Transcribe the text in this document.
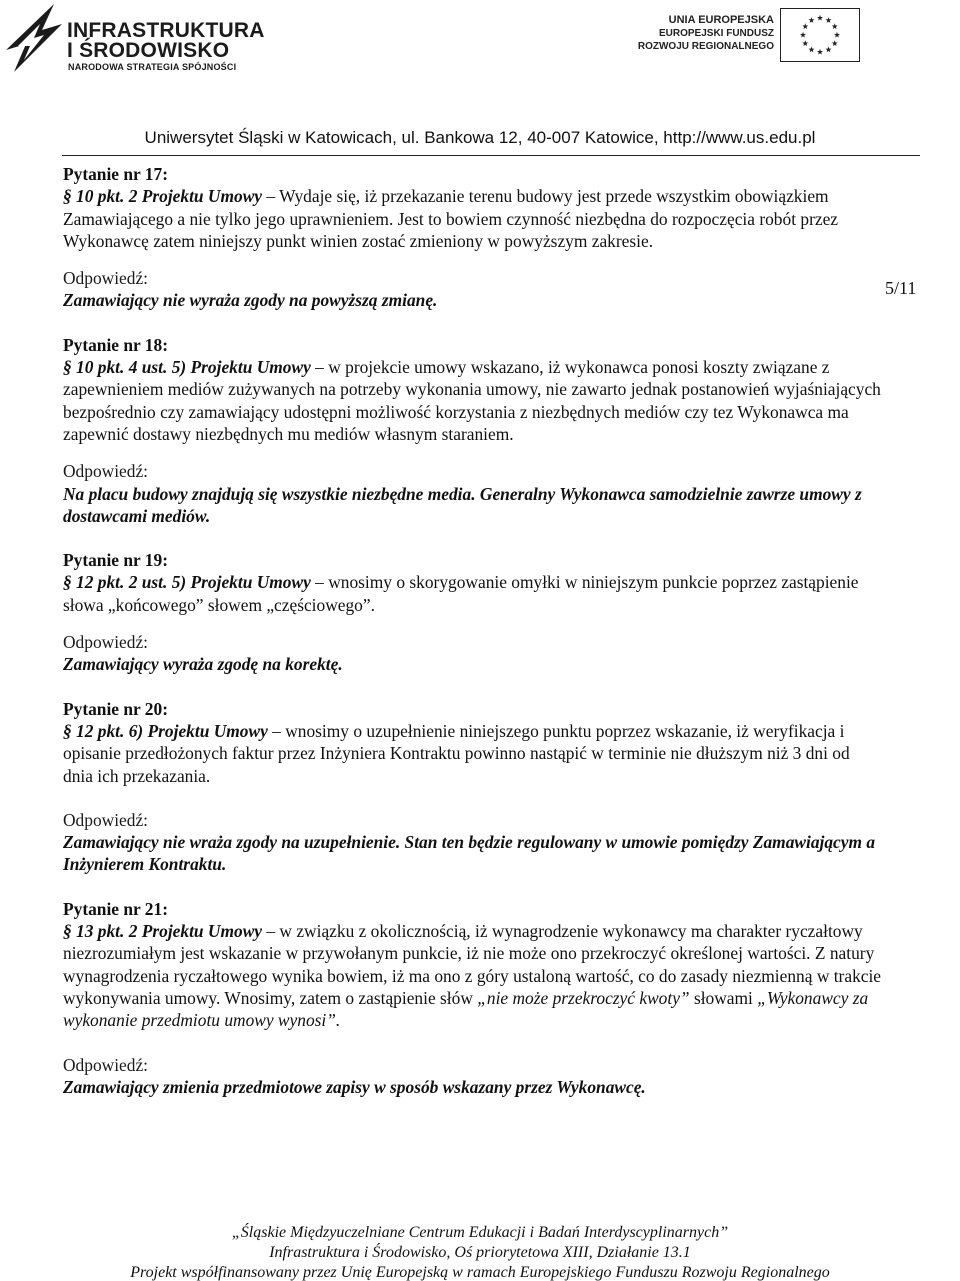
INFRASTRUKTURA
I ŚRODOWISKO
NARODOWA STRATEGIA SPÓJNOŚCI
UNIA EUROPEJSKA
EUROPEJSKI FUNDUSZ
ROZWOJU REGIONALNEGO
Uniwersytet Śląski w Katowicach, ul. Bankowa 12, 40-007 Katowice, http://www.us.edu.pl
5/11
Pytanie nr 17:
§ 10 pkt. 2 Projektu Umowy – Wydaje się, iż przekazanie terenu budowy jest przede wszystkim obowiązkiem Zamawiającego a nie tylko jego uprawnieniem. Jest to bowiem czynność niezbędna do rozpoczęcia robót przez Wykonawcę zatem niniejszy punkt winien zostać zmieniony w powyższym zakresie.
Odpowiedź:
Zamawiający nie wyraża zgody na powyższą zmianę.
Pytanie nr 18:
§ 10 pkt. 4 ust. 5) Projektu Umowy – w projekcie umowy wskazano, iż wykonawca ponosi koszty związane z zapewnieniem mediów zużywanych na potrzeby wykonania umowy, nie zawarto jednak postanowień wyjaśniających bezpośrednio czy zamawiający udostępni możliwość korzystania z niezbędnych mediów czy tez Wykonawca ma zapewnić dostawy niezbędnych mu mediów własnym staraniem.
Odpowiedź:
Na placu budowy znajdują się wszystkie niezbędne media. Generalny Wykonawca samodzielnie zawrze umowy z dostawcami mediów.
Pytanie nr 19:
§ 12 pkt. 2 ust. 5) Projektu Umowy – wnosimy o skorygowanie omyłki w niniejszym punkcie poprzez zastąpienie słowa „końcowego” słowem „częściowego”.
Odpowiedź:
Zamawiający wyraża zgodę na korektę.
Pytanie nr 20:
§ 12 pkt. 6) Projektu Umowy – wnosimy o uzupełnienie niniejszego punktu poprzez wskazanie, iż weryfikacja i opisanie przedłożonych faktur przez Inżyniera Kontraktu powinno nastąpić w terminie nie dłuższym niż 3 dni od dnia ich przekazania.
Odpowiedź:
Zamawiający nie wraża zgody na uzupełnienie. Stan ten będzie regulowany w umowie pomiędzy Zamawiającym a Inżynierem Kontraktu.
Pytanie nr 21:
§ 13 pkt. 2 Projektu Umowy – w związku z okolicznością, iż wynagrodzenie wykonawcy ma charakter ryczałtowy niezrozumiałym jest wskazanie w przywołanym punkcie, iż nie może ono przekroczyć określonej wartości. Z natury wynagrodzenia ryczałtowego wynika bowiem, iż ma ono z góry ustaloną wartość, co do zasady niezmienną w trakcie wykonywania umowy. Wnosimy, zatem o zastąpienie słów „nie może przekroczyć kwoty” słowami „Wykonawcy za wykonanie przedmiotu umowy wynosi”.
Odpowiedź:
Zamawiający zmienia przedmiotowe zapisy w sposób wskazany przez Wykonawcę.
„Śląskie Międzyuczelniane Centrum Edukacji i Badań Interdyscyplinarnych”
Infrastruktura i Środowisko, Oś priorytetowa XIII, Działanie 13.1
Projekt współfinansowany przez Unię Europejską w ramach Europejskiego Funduszu Rozwoju Regionalnego
